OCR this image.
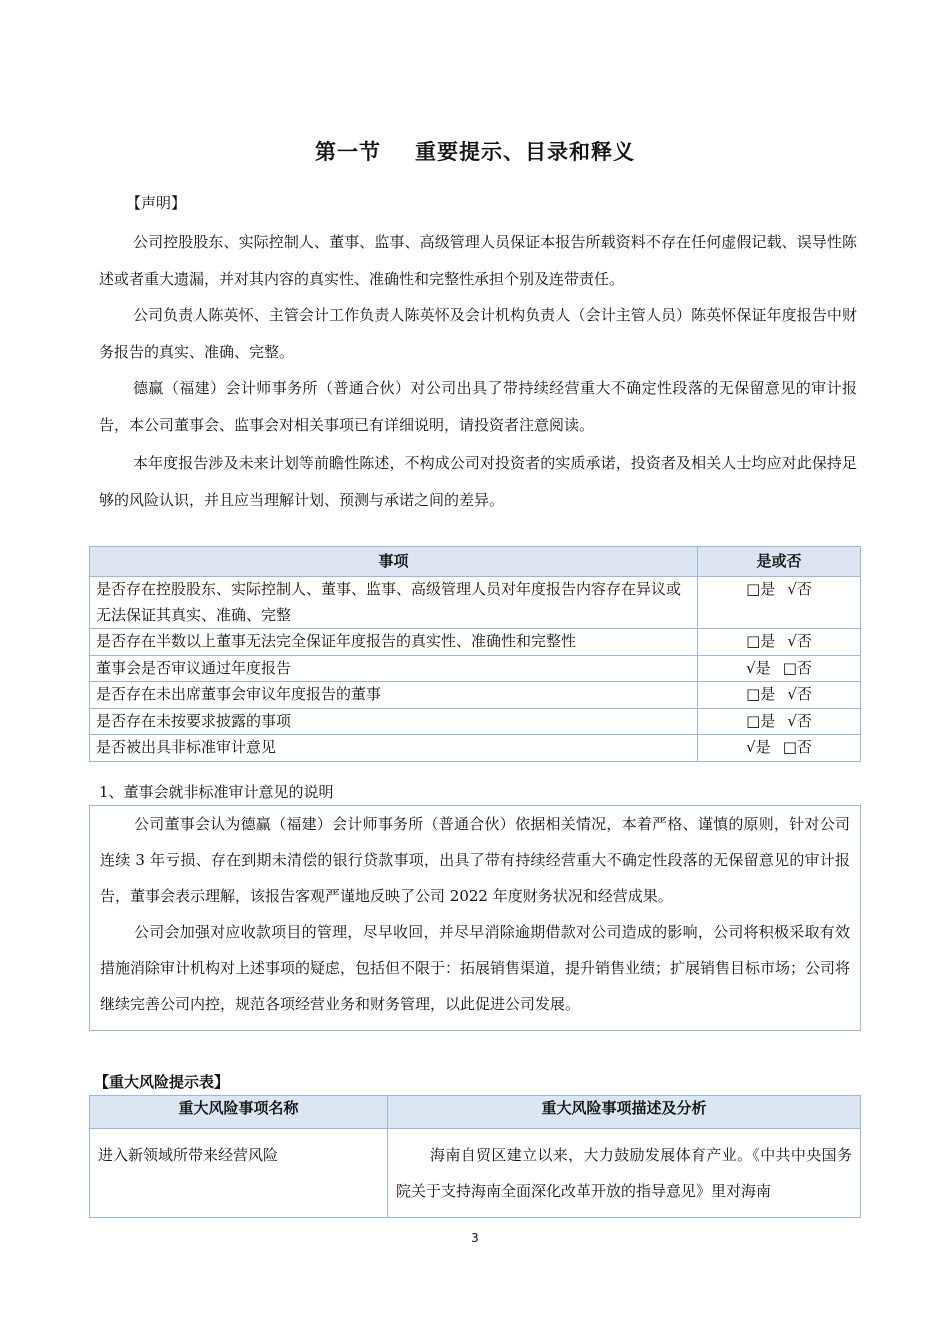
第一节 重要提示、目录和释义
【声明】

公司控股股东、实际控制人、董事、监事、高级管理人员保证本报告所载资料不存在任何虚假记载、误导性陈述或者重大遗漏，并对其内容的真实性、准确性和完整性承担个别及连带责任。

公司负责人陈英怀、主管会计工作负责人陈英怀及会计机构负责人（会计主管人员）陈英怀保证年度报告中财务报告的真实、准确、完整。

德赢（福建）会计师事务所（普通合伙）对公司出具了带持续经营重大不确定性段落的无保留意见的审计报告，本公司董事会、监事会对相关事项已有详细说明，请投资者注意阅读。

本年度报告涉及未来计划等前瞻性陈述，不构成公司对投资者的实质承诺，投资者及相关人士均应对此保持足够的风险认识，并且应当理解计划、预测与承诺之间的差异。

事项	是或否
是否存在控股股东、实际控制人、董事、监事、高级管理人员对年度报告内容存在异议或无法保证其真实、准确、完整	□是 √否
是否存在半数以上董事无法完全保证年度报告的真实性、准确性和完整性	□是 √否
董事会是否审议通过年度报告	√是 □否
是否存在未出席董事会审议年度报告的董事	□是 √否
是否存在未按要求披露的事项	□是 √否
是否被出具非标准审计意见	√是 □否
1、董事会就非标准审计意见的说明

公司董事会认为德赢（福建）会计师事务所（普通合伙）依据相关情况，本着严格、谨慎的原则，针对公司连续 3 年亏损、存在到期未清偿的银行贷款事项，出具了带有持续经营重大不确定性段落的无保留意见的审计报告，董事会表示理解，该报告客观严谨地反映了公司 2022 年度财务状况和经营成果。

公司会加强对应收款项目的管理，尽早收回，并尽早消除逾期借款对公司造成的影响，公司将积极采取有效措施消除审计机构对上述事项的疑虑，包括但不限于：拓展销售渠道，提升销售业绩；扩展销售目标市场；公司将继续完善公司内控，规范各项经营业务和财务管理，以此促进公司发展。

【重大风险提示表】
重大风险事项名称	重大风险事项描述及分析
进入新领域所带来经营风险	海南自贸区建立以来，大力鼓励发展体育产业。《中共中央国务院关于支持海南全面深化改革开放的指导意见》里对海南
3
